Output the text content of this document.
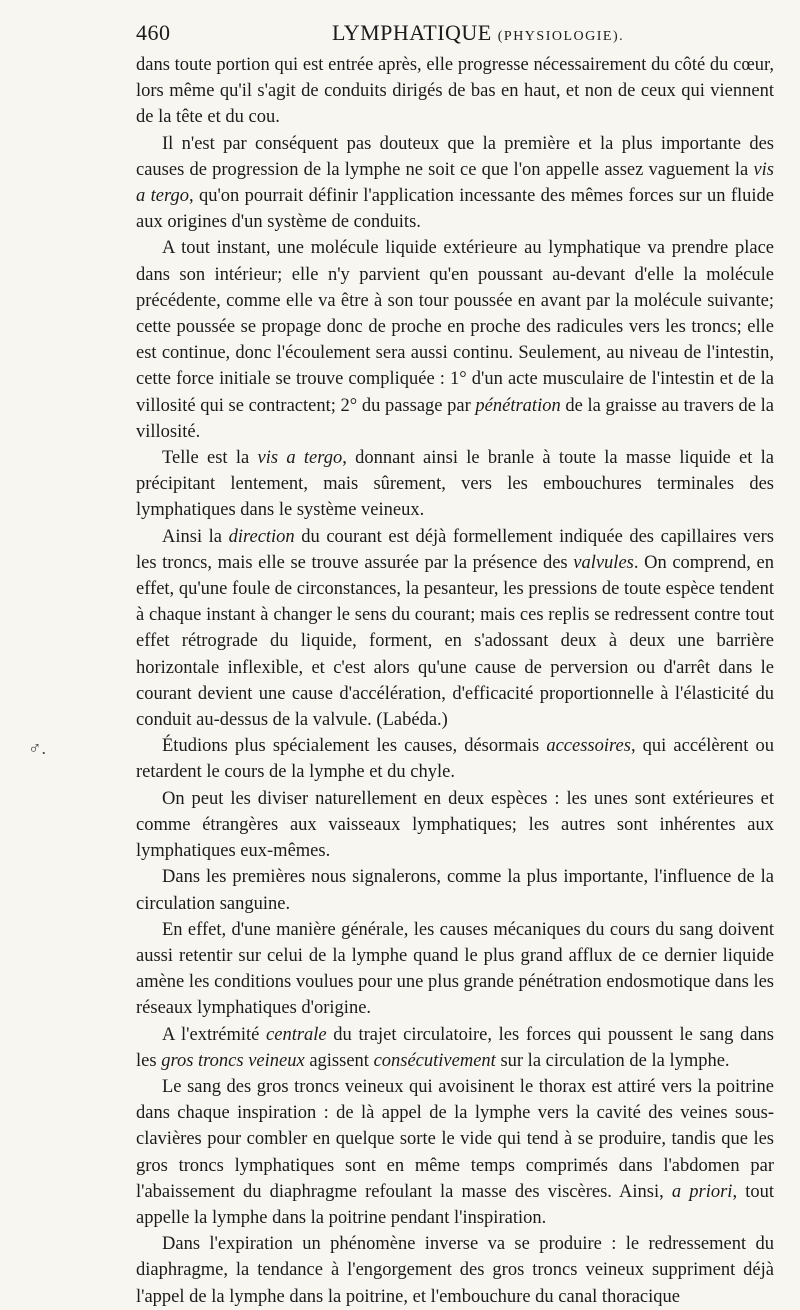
460	LYMPHATIQUE (PHYSIOLOGIE).
♂.

dans toute portion qui est entrée après, elle progresse nécessairement du côté du cœur, lors même qu'il s'agit de conduits dirigés de bas en haut, et non de ceux qui viennent de la tête et du cou.

Il n'est par conséquent pas douteux que la première et la plus importante des causes de progression de la lymphe ne soit ce que l'on appelle assez vaguement la vis a tergo, qu'on pourrait définir l'application incessante des mêmes forces sur un fluide aux origines d'un système de conduits.

A tout instant, une molécule liquide extérieure au lymphatique va prendre place dans son intérieur; elle n'y parvient qu'en poussant au-devant d'elle la molécule précédente, comme elle va être à son tour poussée en avant par la molécule suivante; cette poussée se propage donc de proche en proche des radicules vers les troncs; elle est continue, donc l'écoulement sera aussi continu. Seulement, au niveau de l'intestin, cette force initiale se trouve compliquée : 1° d'un acte musculaire de l'intestin et de la villosité qui se contractent; 2° du passage par pénétration de la graisse au travers de la villosité.

Telle est la vis a tergo, donnant ainsi le branle à toute la masse liquide et la précipitant lentement, mais sûrement, vers les embouchures terminales des lymphatiques dans le système veineux.

Ainsi la direction du courant est déjà formellement indiquée des capillaires vers les troncs, mais elle se trouve assurée par la présence des valvules. On comprend, en effet, qu'une foule de circonstances, la pesanteur, les pressions de toute espèce tendent à chaque instant à changer le sens du courant; mais ces replis se redressent contre tout effet rétrograde du liquide, forment, en s'adossant deux à deux une barrière horizontale inflexible, et c'est alors qu'une cause de perversion ou d'arrêt dans le courant devient une cause d'accélération, d'efficacité proportionnelle à l'élasticité du conduit au-dessus de la valvule. (Labéda.)

Étudions plus spécialement les causes, désormais accessoires, qui accélèrent ou retardent le cours de la lymphe et du chyle.

On peut les diviser naturellement en deux espèces : les unes sont extérieures et comme étrangères aux vaisseaux lymphatiques; les autres sont inhérentes aux lymphatiques eux-mêmes.

Dans les premières nous signalerons, comme la plus importante, l'influence de la circulation sanguine.

En effet, d'une manière générale, les causes mécaniques du cours du sang doivent aussi retentir sur celui de la lymphe quand le plus grand afflux de ce dernier liquide amène les conditions voulues pour une plus grande pénétration endosmotique dans les réseaux lymphatiques d'origine.

A l'extrémité centrale du trajet circulatoire, les forces qui poussent le sang dans les gros troncs veineux agissent consécutivement sur la circulation de la lymphe.

Le sang des gros troncs veineux qui avoisinent le thorax est attiré vers la poitrine dans chaque inspiration : de là appel de la lymphe vers la cavité des veines sous-clavières pour combler en quelque sorte le vide qui tend à se produire, tandis que les gros troncs lymphatiques sont en même temps comprimés dans l'abdomen par l'abaissement du diaphragme refoulant la masse des viscères. Ainsi, a priori, tout appelle la lymphe dans la poitrine pendant l'inspiration.

Dans l'expiration un phénomène inverse va se produire : le redressement du diaphragme, la tendance à l'engorgement des gros troncs veineux suppriment déjà l'appel de la lymphe dans la poitrine, et l'embouchure du canal thoracique
